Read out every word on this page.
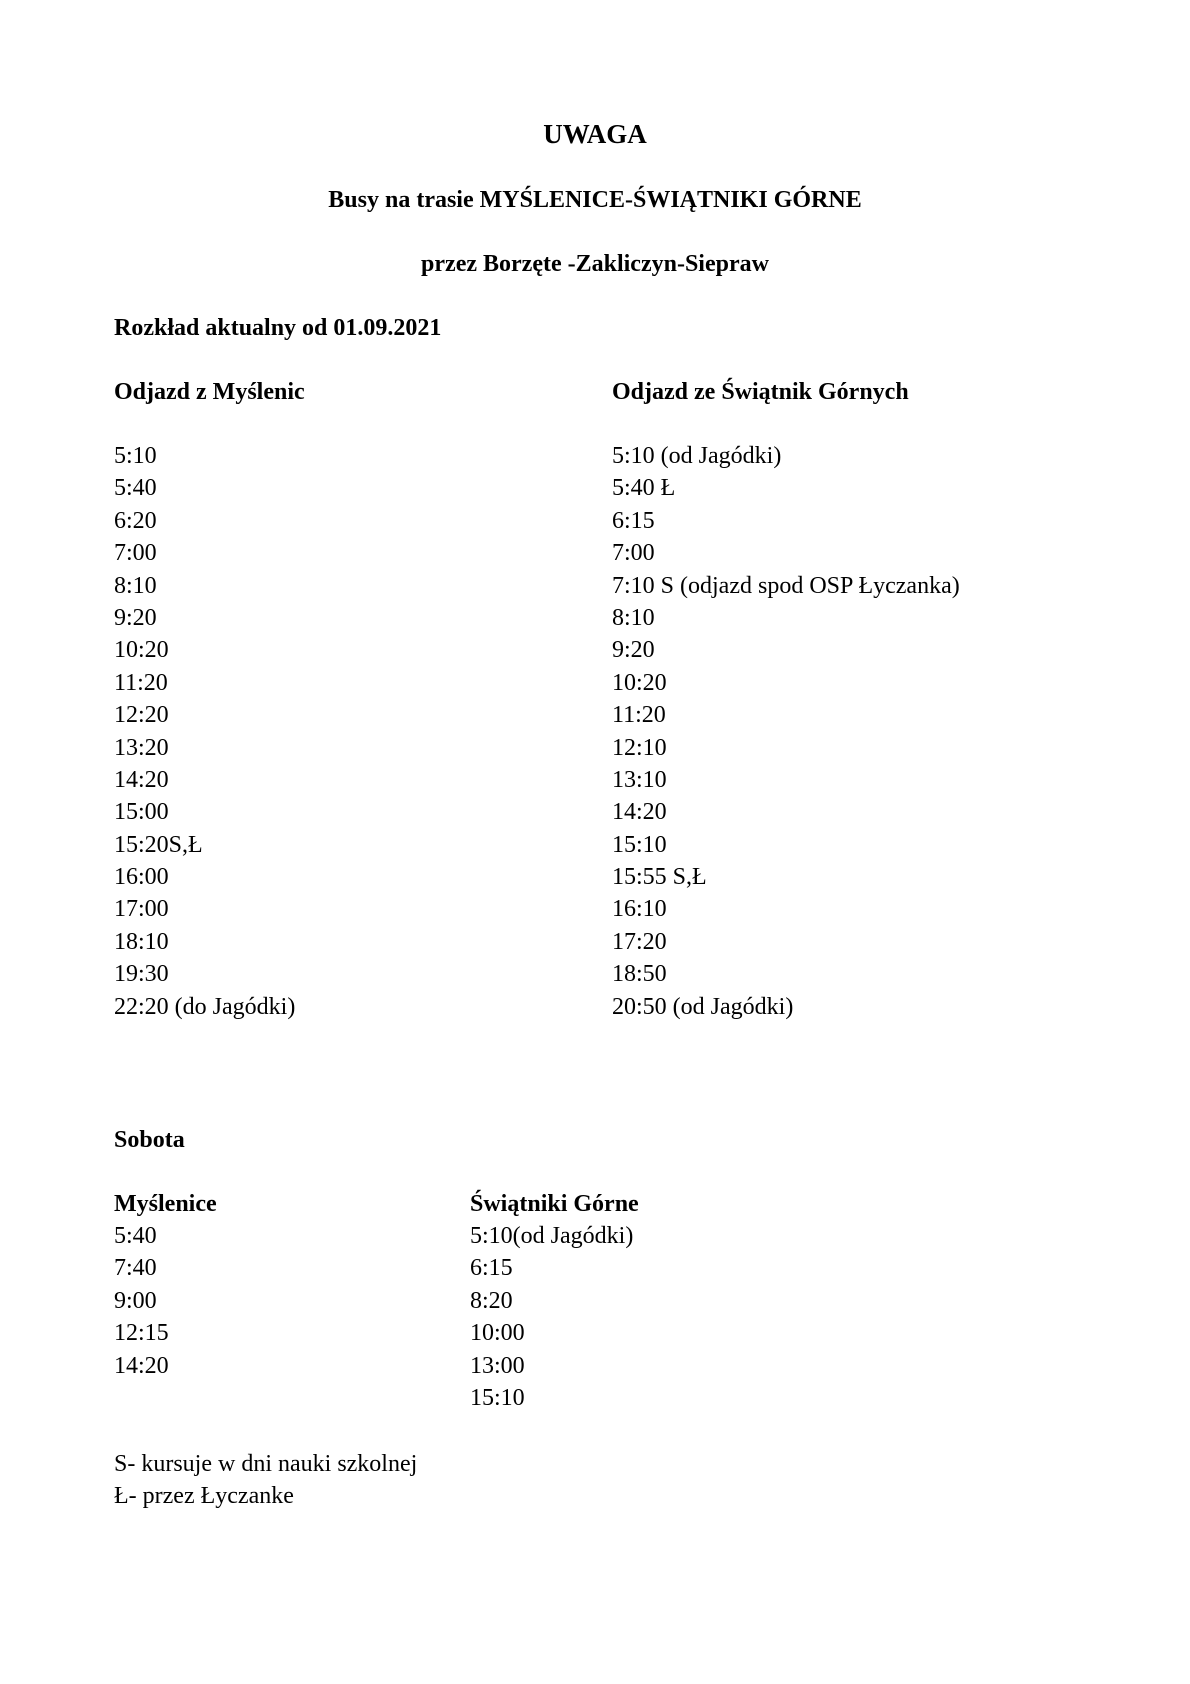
UWAGA
Busy na trasie MYŚLENICE-ŚWIĄTNIKI GÓRNE
przez Borzęte -Zakliczyn-Siepraw
Rozkład aktualny od 01.09.2021
Odjazd z Myślenic	Odjazd ze Świątnik Górnych
5:10
5:40
6:20
7:00
8:10
9:20
10:20
11:20
12:20
13:20
14:20
15:00
15:20S,Ł
16:00
17:00
18:10
19:30
22:20 (do Jagódki)
5:10 (od Jagódki)
5:40 Ł
6:15
7:00
7:10 S (odjazd spod OSP Łyczanka)
8:10
9:20
10:20
11:20
12:10
13:10
14:20
15:10
15:55 S,Ł
16:10
17:20
18:50
20:50 (od Jagódki)
Sobota
Myślenice	Świątniki Górne
5:40
7:40
9:00
12:15
14:20
5:10(od Jagódki)
6:15
8:20
10:00
13:00
15:10
S- kursuje w dni nauki szkolnej
Ł- przez Łyczanke
